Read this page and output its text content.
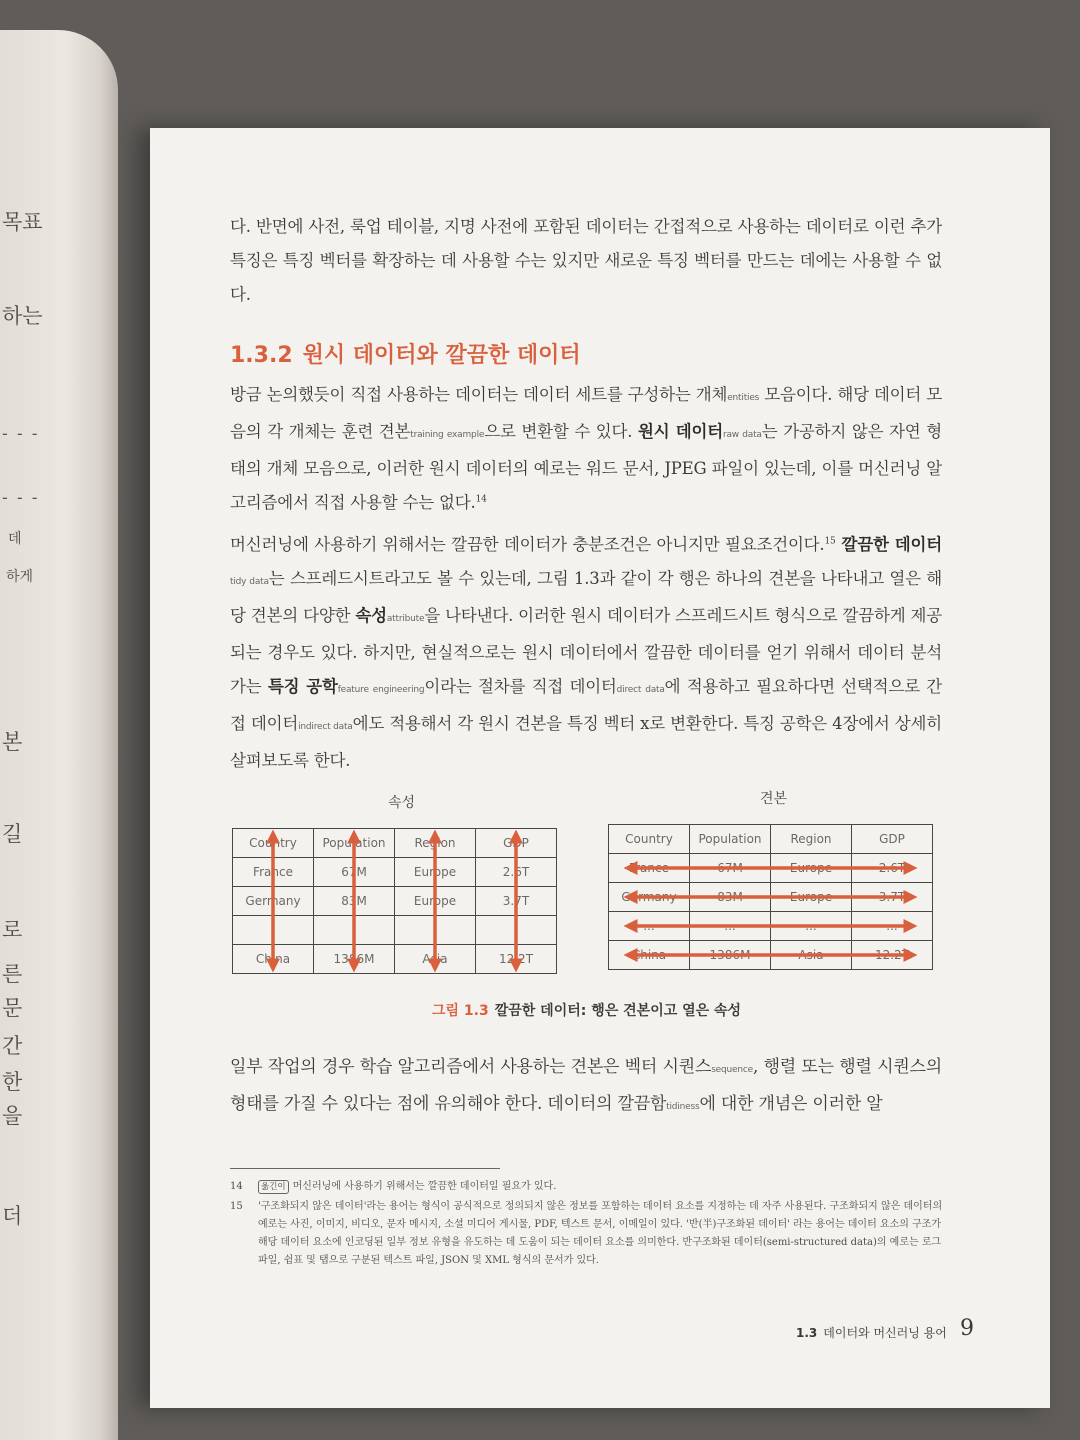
목표
하는
- - -
- - -
데
하게
본
길
로
른
문
간
한
을
더

다. 반면에 사전, 룩업 테이블, 지명 사전에 포함된 데이터는 간접적으로 사용하는 데이터로 이런 추가 특징은 특징 벡터를 확장하는 데 사용할 수는 있지만 새로운 특징 벡터를 만드는 데에는 사용할 수 없다.

1.3.2 원시 데이터와 깔끔한 데이터

방금 논의했듯이 직접 사용하는 데이터는 데이터 세트를 구성하는 개체entities 모음이다. 해당 데이터 모음의 각 개체는 훈련 견본training example으로 변환할 수 있다. 원시 데이터raw data는 가공하지 않은 자연 형태의 개체 모음으로, 이러한 원시 데이터의 예로는 워드 문서, JPEG 파일이 있는데, 이를 머신러닝 알고리즘에서 직접 사용할 수는 없다.$^{14}$

머신러닝에 사용하기 위해서는 깔끔한 데이터가 충분조건은 아니지만 필요조건이다.$^{15}$ 깔끔한 데이터tidy data는 스프레드시트라고도 볼 수 있는데, 그림 1.3과 같이 각 행은 하나의 견본을 나타내고 열은 해당 견본의 다양한 속성attribute을 나타낸다. 이러한 원시 데이터가 스프레드시트 형식으로 깔끔하게 제공되는 경우도 있다. 하지만, 현실적으로는 원시 데이터에서 깔끔한 데이터를 얻기 위해서 데이터 분석가는 특징 공학feature engineering이라는 절차를 직접 데이터direct data에 적용하고 필요하다면 선택적으로 간접 데이터indirect data에도 적용해서 각 원시 견본을 특징 벡터 x로 변환한다. 특징 공학은 4장에서 상세히 살펴보도록 한다.

속성	견본
Country	Population	Region	GDP
France	67M	Europe	2.6T
Germany	83M	Europe	3.7T

China	1386M	Asia	12.2T
Country	Population	Region	GDP
France	67M	Europe	2.6T
Germany	83M	Europe	3.7T
...	...	...	...
China	1386M	Asia	12.2T
그림 1.3 깔끔한 데이터: 행은 견본이고 열은 속성

일부 작업의 경우 학습 알고리즘에서 사용하는 견본은 벡터 시퀀스sequence, 행렬 또는 행렬 시퀀스의 형태를 가질 수 있다는 점에 유의해야 한다. 데이터의 깔끔함tidiness에 대한 개념은 이러한 알

14	옮긴이 머신러닝에 사용하기 위해서는 깔끔한 데이터일 필요가 있다.
15 '구조화되지 않은 데이터'라는 용어는 형식이 공식적으로 정의되지 않은 정보를 포함하는 데이터 요소를 지정하는 데 자주 사용된다. 구조화되지 않은 데이터의 예로는 사진, 이미지, 비디오, 문자 메시지, 소셜 미디어 게시물, PDF, 텍스트 문서, 이메일이 있다. '반(半)구조화된 데이터' 라는 용어는 데이터 요소의 구조가 해당 데이터 요소에 인코딩된 일부 정보 유형을 유도하는 데 도움이 되는 데이터 요소를 의미한다. 반구조화된 데이터(semi-structured data)의 예로는 로그 파일, 쉼표 및 탭으로 구분된 텍스트 파일, JSON 및 XML 형식의 문서가 있다.
1.3 데이터와 머신러닝 용어 9
